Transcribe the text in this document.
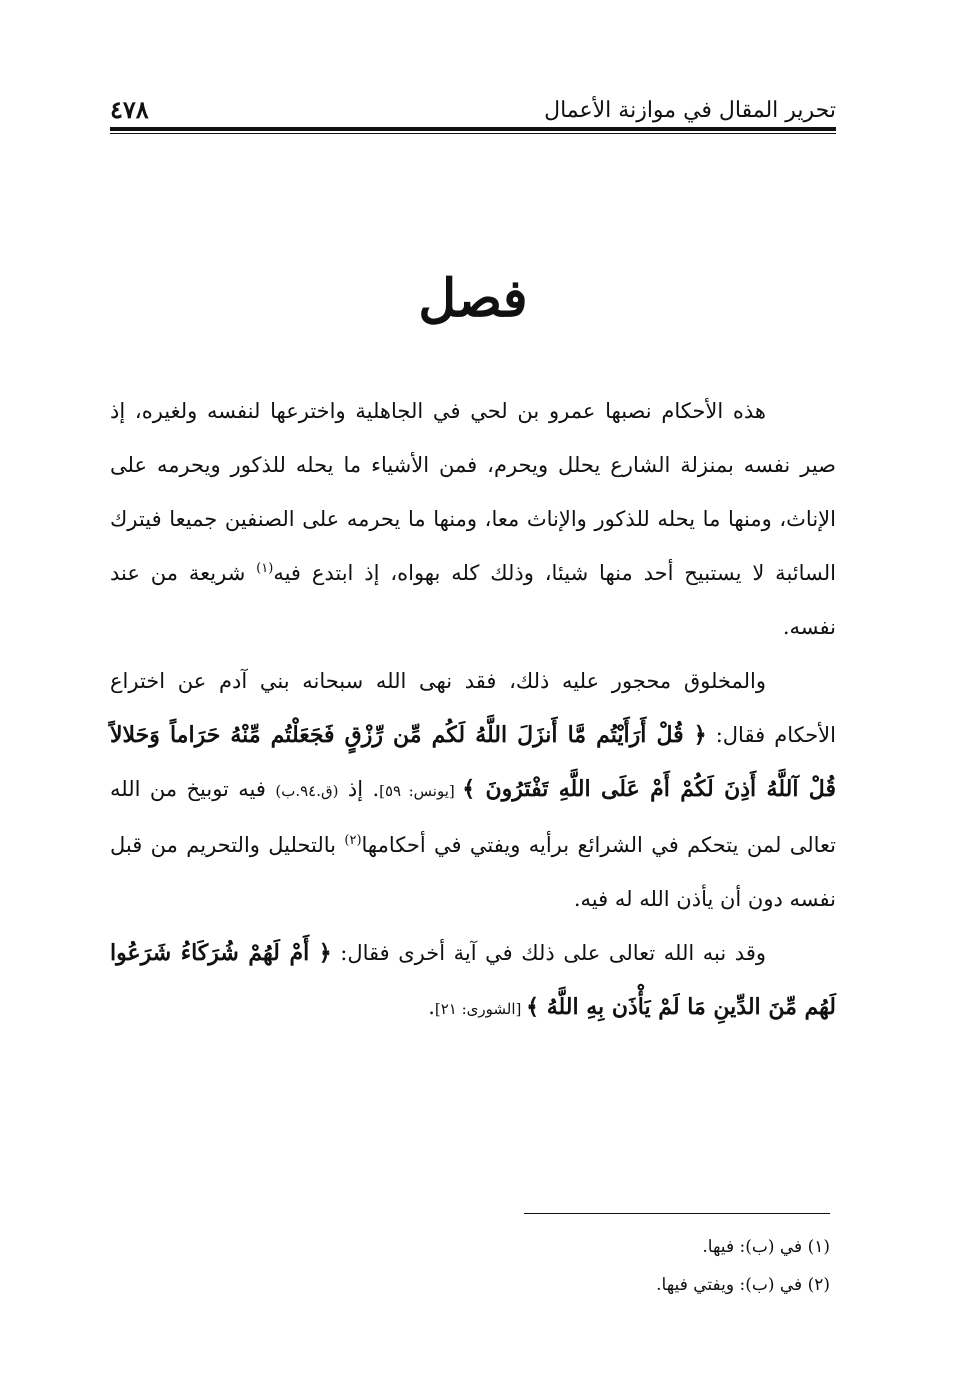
تحرير المقال في موازنة الأعمال
٤٧٨
فصل

هذه الأحكام نصبها عمرو بن لحي في الجاهلية واخترعها لنفسه ولغيره، إذ صير نفسه بمنزلة الشارع يحلل ويحرم، فمن الأشياء ما يحله للذكور ويحرمه على الإناث، ومنها ما يحله للذكور والإناث معا، ومنها ما يحرمه على الصنفين جميعا فيترك السائبة لا يستبيح أحد منها شيئا، وذلك كله بهواه، إذ ابتدع فيه$^{(١)}$ شريعة من عند نفسه.

والمخلوق محجور عليه ذلك، فقد نهى الله سبحانه بني آدم عن اختراع الأحكام فقال: ﴿ قُلْ أَرَأَيْتُم مَّا أَنزَلَ اللَّهُ لَكُم مِّن رِّزْقٍ فَجَعَلْتُم مِّنْهُ حَرَاماً وَحَلالاً قُلْ آللَّهُ أَذِنَ لَكُمْ أَمْ عَلَى اللَّهِ تَفْتَرُونَ ﴾ [يونس: ٥٩]. إذ (ق.٩٤.ب) فيه توبيخ من الله تعالى لمن يتحكم في الشرائع برأيه ويفتي في أحكامها$^{(٢)}$ بالتحليل والتحريم من قبل نفسه دون أن يأذن الله له فيه.

وقد نبه الله تعالى على ذلك في آية أخرى فقال: ﴿ أَمْ لَهُمْ شُرَكَاءُ شَرَعُوا لَهُم مِّنَ الدِّينِ مَا لَمْ يَأْذَن بِهِ اللَّهُ ﴾ [الشورى: ٢١].

(١) في (ب): فيها.

(٢) في (ب): ويفتي فيها.
